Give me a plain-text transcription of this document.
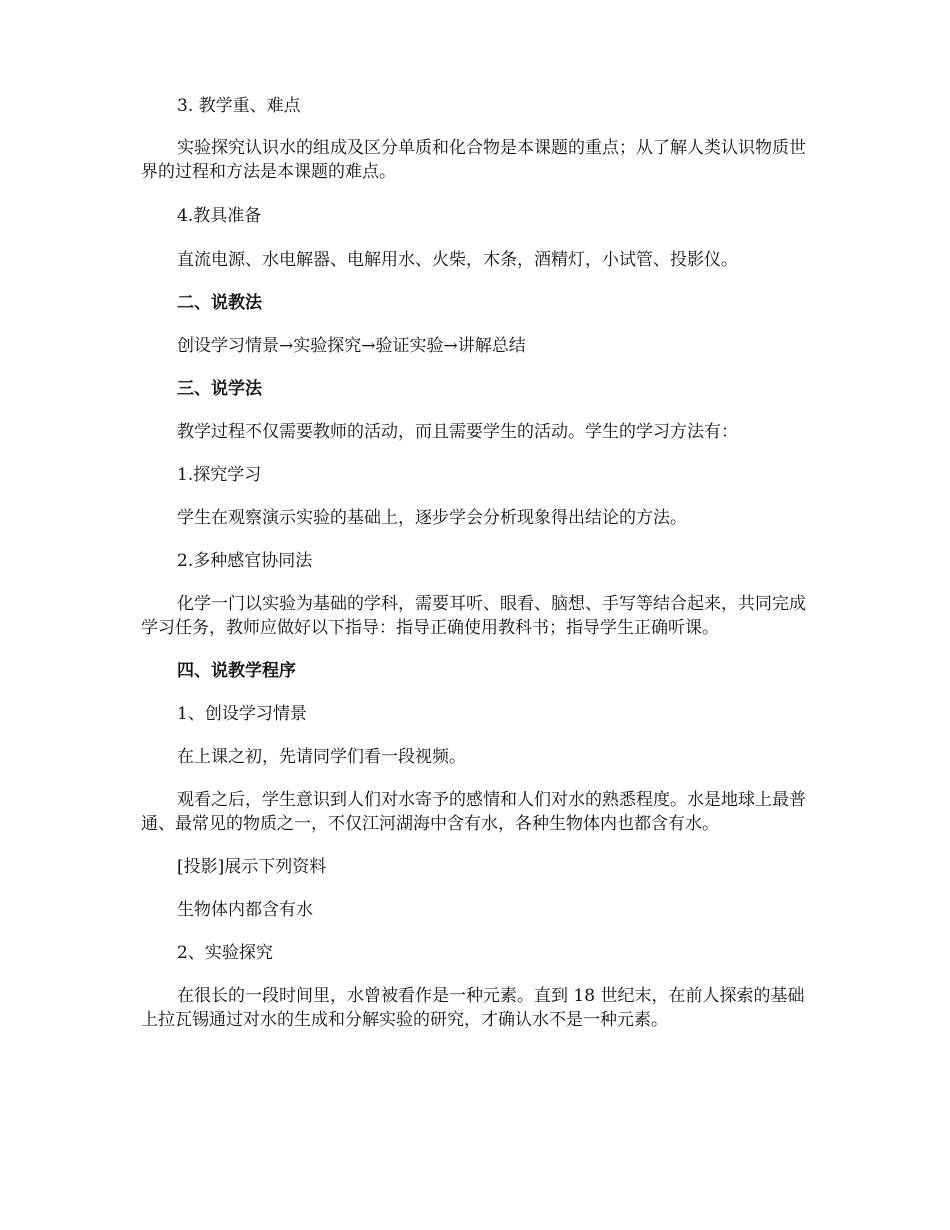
3. 教学重、难点

实验探究认识水的组成及区分单质和化合物是本课题的重点；从了解人类认识物质世界的过程和方法是本课题的难点。

4.教具准备

直流电源、水电解器、电解用水、火柴，木条，酒精灯，小试管、投影仪。

二、说教法

创设学习情景→实验探究→验证实验→讲解总结

三、说学法

教学过程不仅需要教师的活动，而且需要学生的活动。学生的学习方法有：

1.探究学习

学生在观察演示实验的基础上，逐步学会分析现象得出结论的方法。

2.多种感官协同法

化学一门以实验为基础的学科，需要耳听、眼看、脑想、手写等结合起来，共同完成学习任务，教师应做好以下指导：指导正确使用教科书；指导学生正确听课。

四、说教学程序

1、创设学习情景

在上课之初，先请同学们看一段视频。

观看之后，学生意识到人们对水寄予的感情和人们对水的熟悉程度。水是地球上最普通、最常见的物质之一，不仅江河湖海中含有水，各种生物体内也都含有水。

[投影]展示下列资料

生物体内都含有水

2、实验探究

在很长的一段时间里，水曾被看作是一种元素。直到 18 世纪末，在前人探索的基础上拉瓦锡通过对水的生成和分解实验的研究，才确认水不是一种元素。
